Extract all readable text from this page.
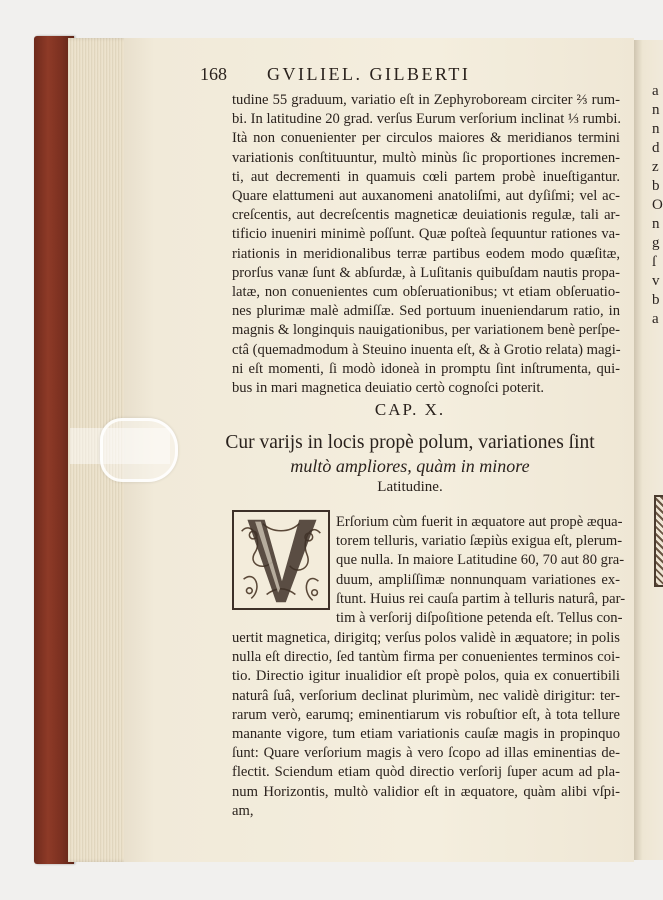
a
n
n
d
z
b
O
n
g
ſ
v
b
a
168 GVILIEL. GILBERTI
tudine 55 graduum, variatio eſt in Zephyroboream circiter ⅔ rum-
bi. In latitudine 20 grad. verſus Eurum verſorium inclinat ⅓ rumbi.
Ità non conuenienter per circulos maiores & meridianos termini
variationis conſtituuntur, multò minùs ſic proportiones incremen-
ti, aut decrementi in quamuis cœli partem probè inueſtigantur.
Quare elattumeni aut auxanomeni anatoliſmi, aut dyſiſmi; vel ac-
creſcentis, aut decreſcentis magneticæ deuiationis regulæ, tali ar-
tificio inueniri minimè poſſunt. Quæ poſteà ſequuntur rationes va-
riationis in meridionalibus terræ partibus eodem modo quæſitæ,
prorſus vanæ ſunt & abſurdæ, à Luſitanis quibuſdam nautis propa-
latæ, non conuenientes cum obſeruationibus; vt etiam obſeruatio-
nes plurimæ malè admiſſæ. Sed portuum inueniendarum ratio, in
magnis & longinquis nauigationibus, per variationem benè perſpe-
ctâ (quemadmodum à Steuino inuenta eſt, & à Grotio relata) magi-
ni eſt momenti, ſi modò idoneà in promptu ſint inſtrumenta, qui-
bus in mari magnetica deuiatio certò cognoſci poterit.
CAP. X.
Cur varijs in locis propè polum, variationes ſint
multò ampliores, quàm in minore
Latitudine.
Erſorium cùm fuerit in æquatore aut propè æqua-
torem telluris, variatio ſæpiùs exigua eſt, plerum-
que nulla. In maiore Latitudine 60, 70 aut 80 gra-
duum, ampliſſimæ nonnunquam variationes ex-
ſtunt. Huius rei cauſa partim à telluris naturâ, par-
tim à verſorij diſpoſitione petenda eſt. Tellus con-
uertit magnetica, dirigitq; verſus polos validè in æquatore; in polis
nulla eſt directio, ſed tantùm firma per conuenientes terminos coi-
tio. Directio igitur inualidior eſt propè polos, quia ex conuertibili
naturâ ſuâ, verſorium declinat plurimùm, nec validè dirigitur: ter-
rarum verò, earumq; eminentiarum vis robuſtior eſt, à tota tellure
manante vigore, tum etiam variationis cauſæ magis in propinquo
ſunt: Quare verſorium magis à vero ſcopo ad illas eminentias de-
flectit. Sciendum etiam quòd directio verſorij ſuper acum ad pla-
num Horizontis, multò validior eſt in æquatore, quàm alibi vſpi-
am,
